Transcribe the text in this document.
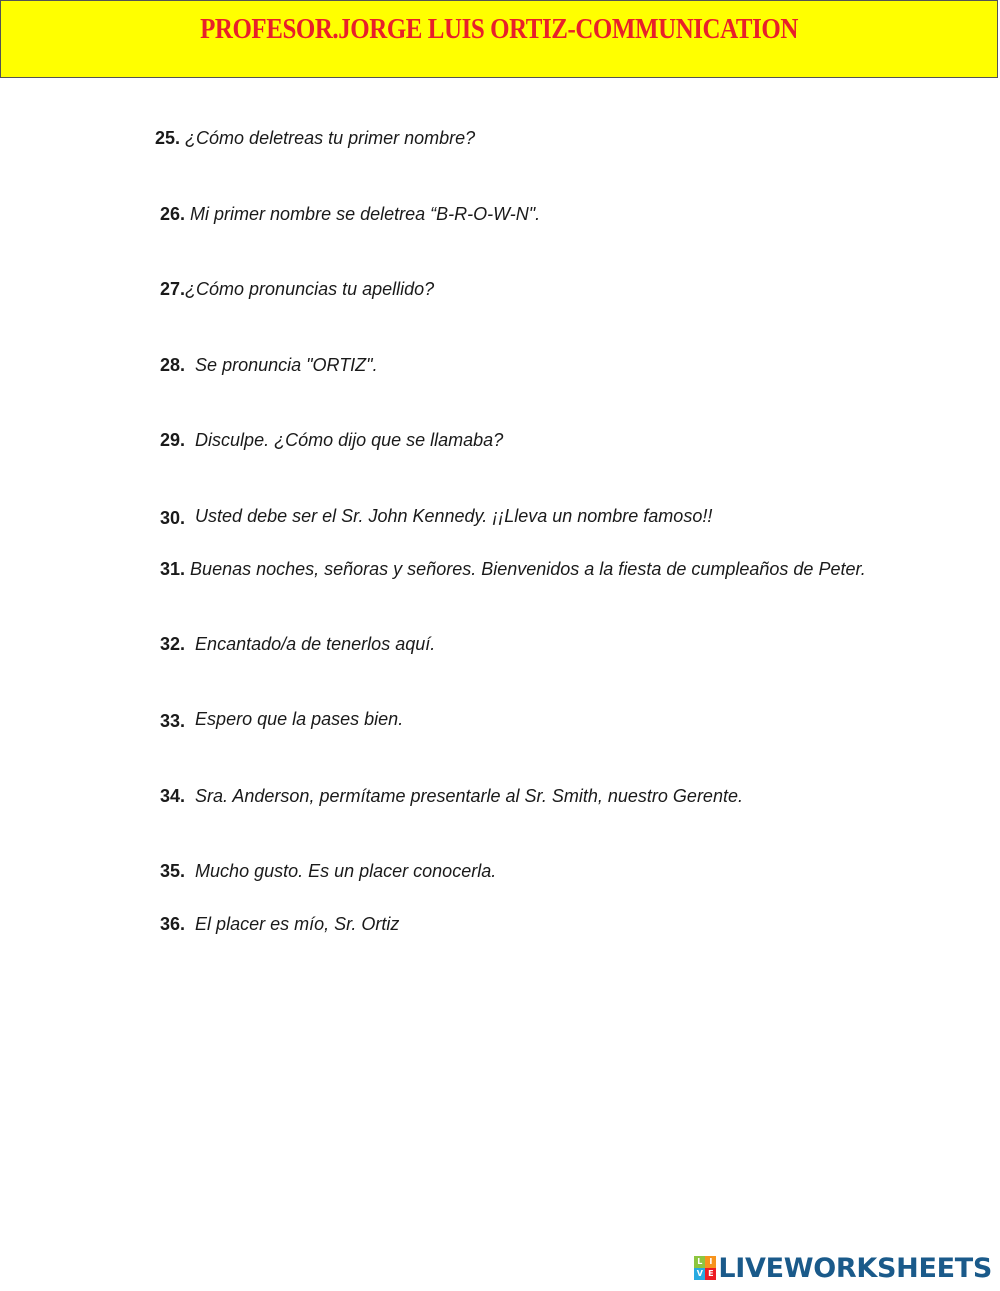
PROFESOR.JORGE LUIS ORTIZ-COMMUNICATION
25. ¿Cómo deletreas tu primer nombre?
26. Mi primer nombre se deletrea “B-R-O-W-N".
27.¿Cómo pronuncias tu apellido?
28. Se pronuncia "ORTIZ".
29. Disculpe. ¿Cómo dijo que se llamaba?
30. Usted debe ser el Sr. John Kennedy. ¡¡Lleva un nombre famoso!!
31. Buenas noches, señoras y señores. Bienvenidos a la fiesta de cumpleaños de Peter.
32. Encantado/a de tenerlos aquí.
33. Espero que la pases bien.
34. Sra. Anderson, permítame presentarle al Sr. Smith, nuestro Gerente.
35. Mucho gusto. Es un placer conocerla.
36. El placer es mío, Sr. Ortiz
L I
V E LIVEWORKSHEETS
